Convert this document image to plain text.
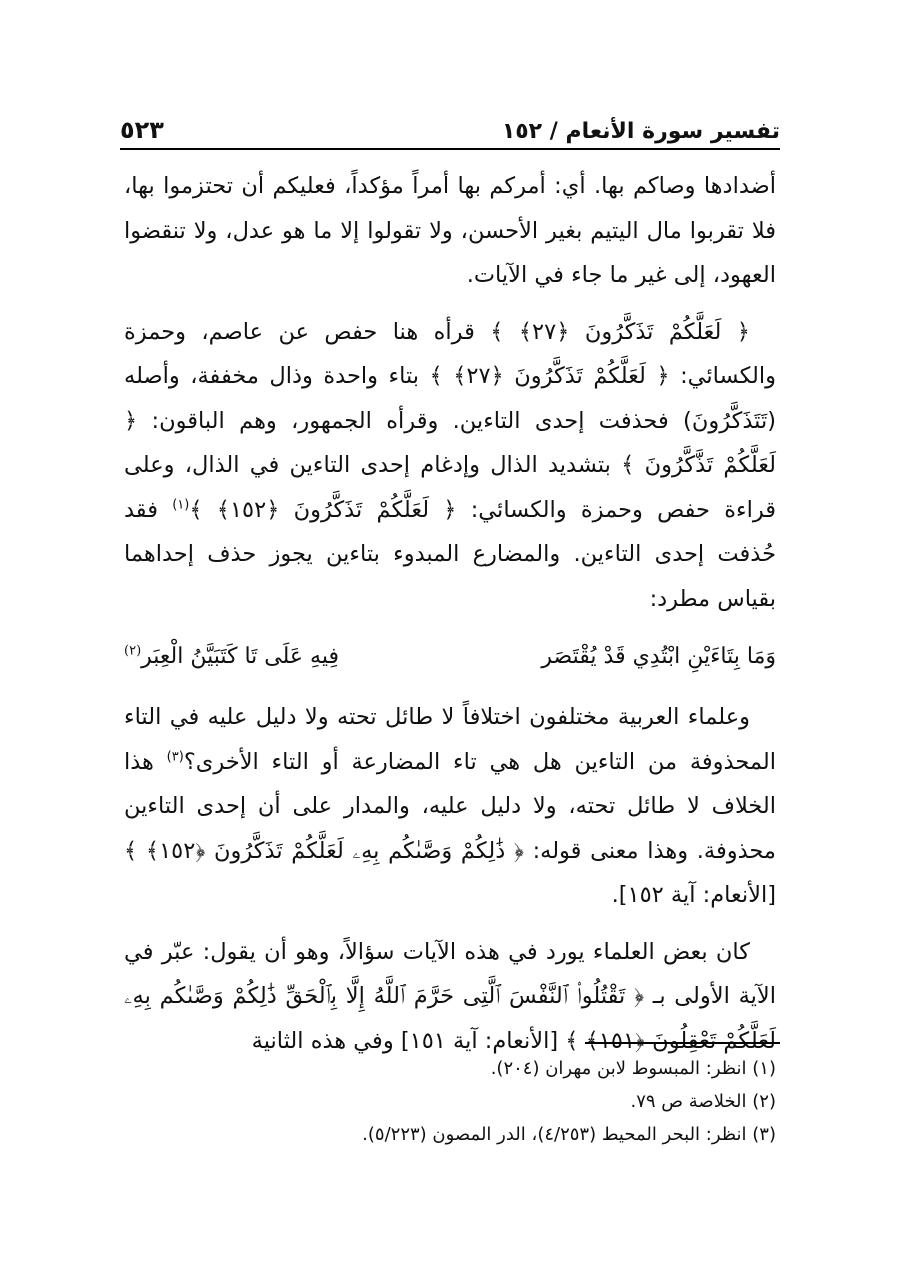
تفسير سورة الأنعام / ١٥٢
٥٢٣

أضدادها وصاكم بها. أي: أمركم بها أمراً مؤكداً، فعليكم أن تحتزموا بها، فلا تقربوا مال اليتيم بغير الأحسن، ولا تقولوا إلا ما هو عدل، ولا تنقضوا العهود، إلى غير ما جاء في الآيات.

﴿ لَعَلَّكُمْ تَذَكَّرُونَ ﴿٢٧﴾ ﴾ قرأه هنا حفص عن عاصم، وحمزة والكسائي: ﴿ لَعَلَّكُمْ تَذَكَّرُونَ ﴿٢٧﴾ ﴾ بتاء واحدة وذال مخففة، وأصله (تَتَذَكَّرُونَ) فحذفت إحدى التاءين. وقرأه الجمهور، وهم الباقون: ﴿ لَعَلَّكُمْ تَذَّكَّرُونَ ﴾ بتشديد الذال وإدغام إحدى التاءين في الذال، وعلى قراءة حفص وحمزة والكسائي: ﴿ لَعَلَّكُمْ تَذَكَّرُونَ ﴿١٥٢﴾ ﴾$^{(١)}$ فقد حُذفت إحدى التاءين. والمضارع المبدوء بتاءين يجوز حذف إحداهما بقياس مطرد:

وَمَا بِتَاءَيْنِ ابْتُدِي قَدْ يُقْتَصَر
فِيهِ عَلَى تَا كَتَبَيَّنُ الْعِبَر$^{(٢)}$

وعلماء العربية مختلفون اختلافاً لا طائل تحته ولا دليل عليه في التاء المحذوفة من التاءين هل هي تاء المضارعة أو التاء الأخرى؟$^{(٣)}$ هذا الخلاف لا طائل تحته، ولا دليل عليه، والمدار على أن إحدى التاءين محذوفة. وهذا معنى قوله: ﴿ ذَٰلِكُمْ وَصَّىٰكُم بِهِۦ لَعَلَّكُمْ تَذَكَّرُونَ ﴿١٥٢﴾ ﴾ [الأنعام: آية ١٥٢].

كان بعض العلماء يورد في هذه الآيات سؤالاً، وهو أن يقول: عبّر في الآية الأولى بـ ﴿ تَقْتُلُوا۟ ٱلنَّفْسَ ٱلَّتِى حَرَّمَ ٱللَّهُ إِلَّا بِٱلْحَقِّ ذَٰلِكُمْ وَصَّىٰكُم بِهِۦ لَعَلَّكُمْ تَعْقِلُونَ ﴿١٥١﴾ ﴾ [الأنعام: آية ١٥١] وفي هذه الثانية

(١) انظر: المبسوط لابن مهران (٢٠٤).

(٢) الخلاصة ص ٧٩.

(٣) انظر: البحر المحيط (٤/٢٥٣)، الدر المصون (٥/٢٢٣).
